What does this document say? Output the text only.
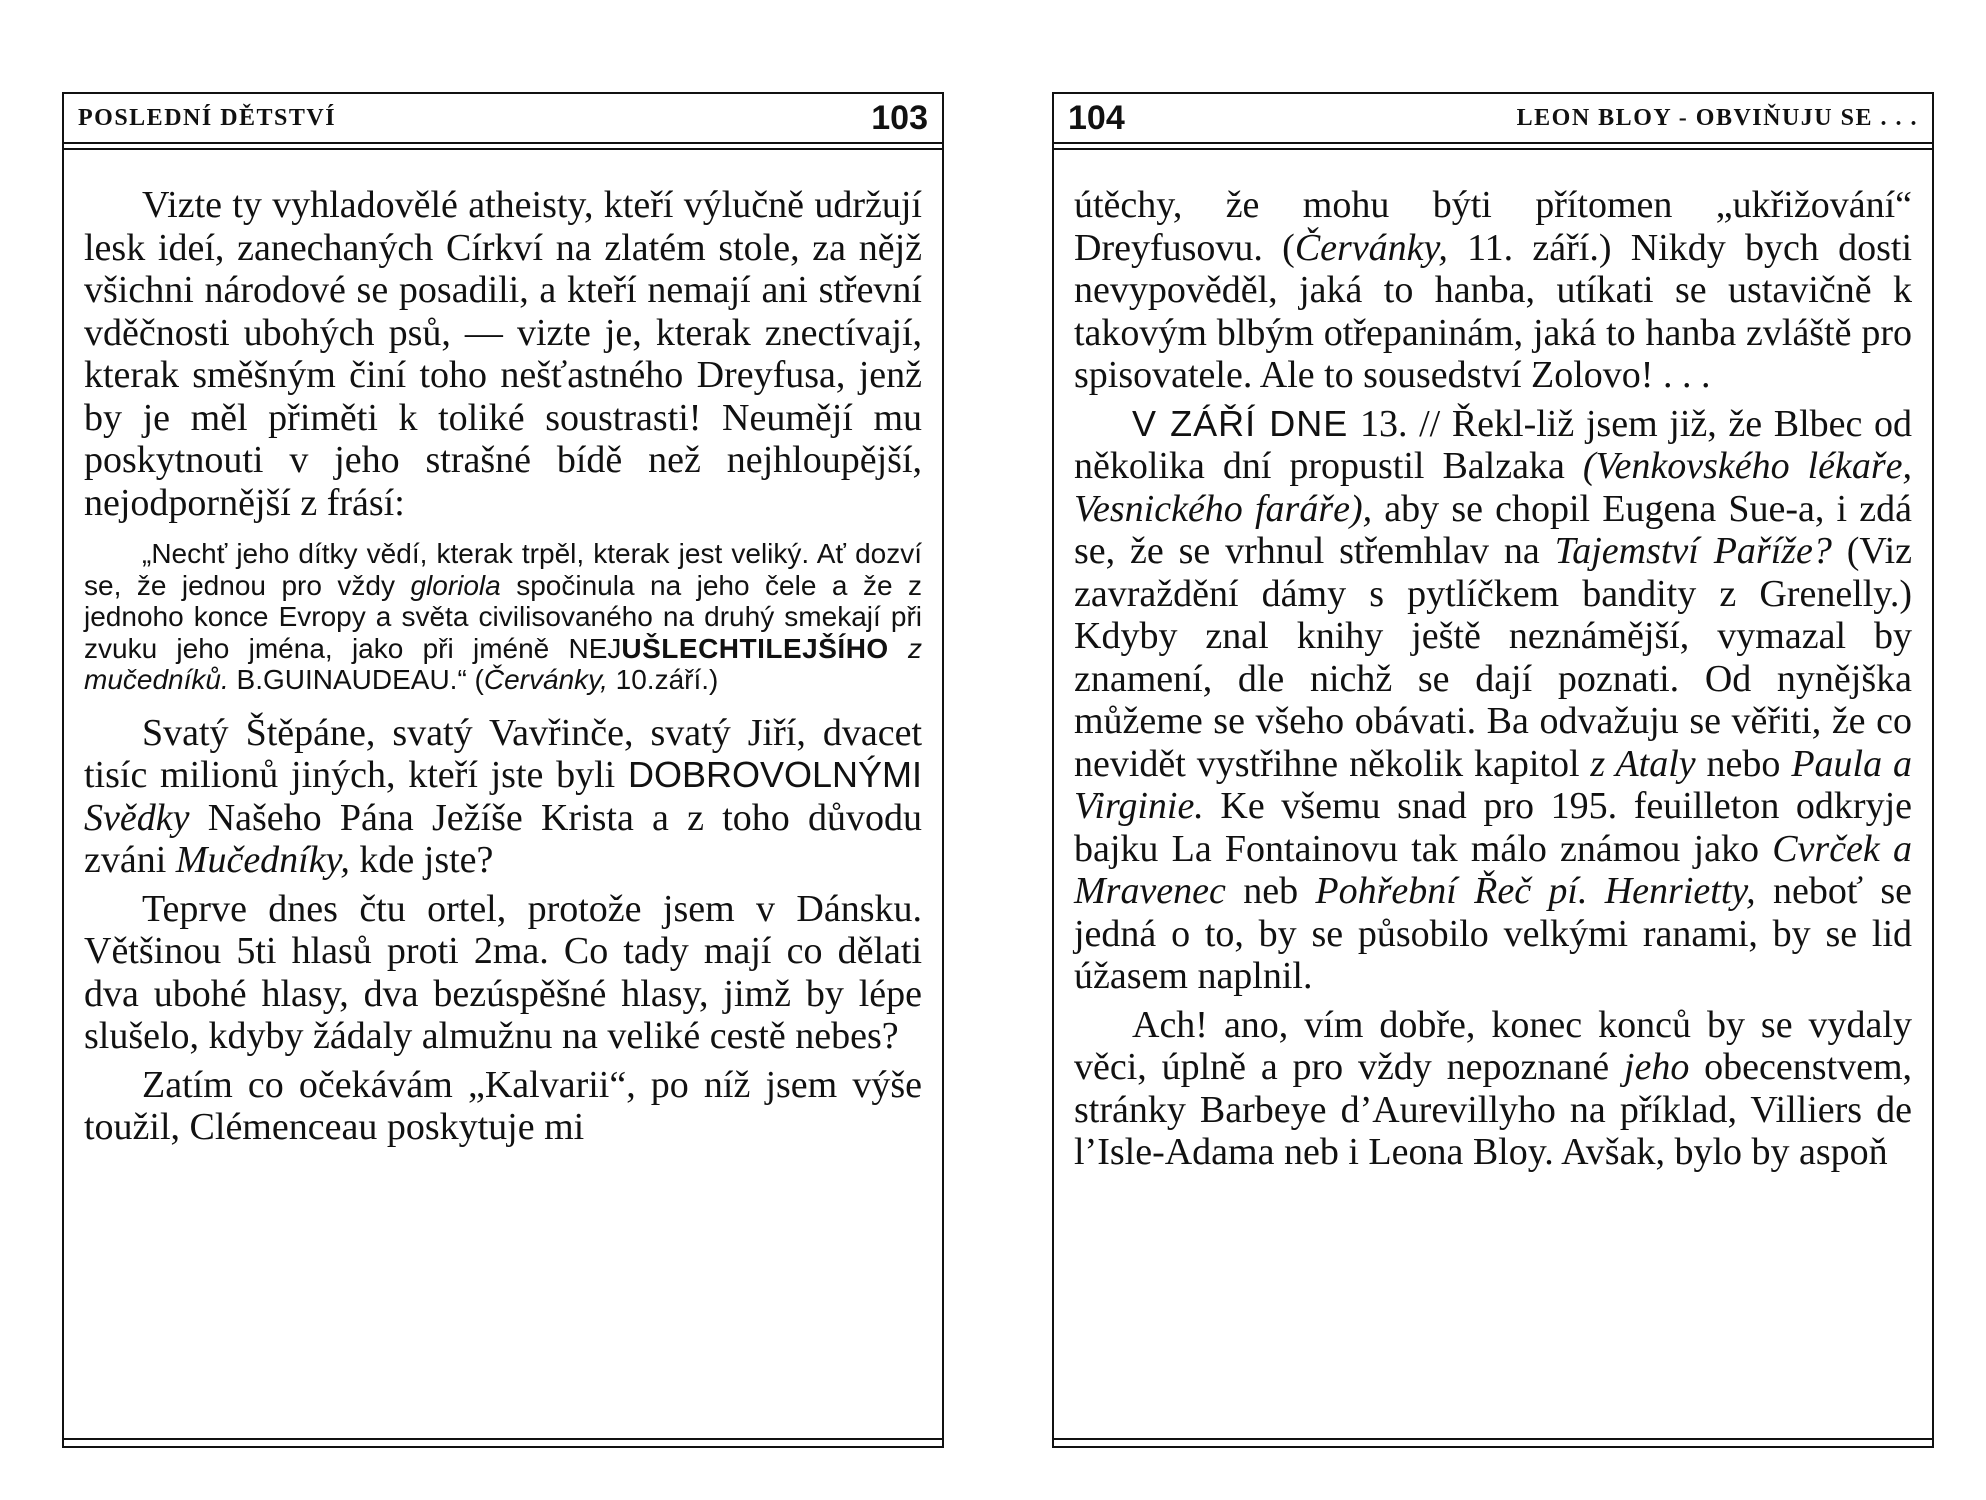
POSLEDNÍ DĚTSTVÍ	103

Vizte ty vyhladovělé atheisty, kteří výlučně udržují lesk ideí, zanechaných Církví na zlatém stole, za nějž všichni národové se posadili, a kteří nemají ani střevní vděčnosti ubohých psů, — vizte je, kterak znectívají, kterak směšným činí toho nešťastného Dreyfusa, jenž by je měl přiměti k toliké soustrasti! Neumějí mu poskytnouti v jeho strašné bídě než nejhloupější, nejodpornější z frásí:

„Nechť jeho dítky vědí, kterak trpěl, kterak jest veliký. Ať dozví se, že jednou pro vždy gloriola spočinula na jeho čele a že z jednoho konce Evropy a světa civilisovaného na druhý smekají při zvuku jeho jména, jako při jméně NEJUŠLECHTILEJŠÍHO z mučedníků. B.GUINAUDEAU.“ (Červánky, 10.září.)

Svatý Štěpáne, svatý Vavřinče, svatý Jiří, dvacet tisíc milionů jiných, kteří jste byli DOBROVOLNÝMI Svědky Našeho Pána Ježíše Krista a z toho důvodu zváni Mučedníky, kde jste?

Teprve dnes čtu ortel, protože jsem v Dánsku. Většinou 5ti hlasů proti 2ma. Co tady mají co dělati dva ubohé hlasy, dva bezúspěšné hlasy, jimž by lépe slušelo, kdyby žádaly almužnu na veliké cestě nebes?

Zatím co očekávám „Kalvarii“, po níž jsem výše toužil, Clémenceau poskytuje mi

104	LEON BLOY - OBVIŇUJU SE . . .

útěchy, že mohu býti přítomen „ukřižování“ Dreyfusovu. (Červánky, 11. září.) Nikdy bych dosti nevypověděl, jaká to hanba, utíkati se ustavičně k takovým blbým otřepaninám, jaká to hanba zvláště pro spisovatele. Ale to sousedství Zolovo! . . .

V ZÁŘÍ DNE 13. // Řekl-liž jsem již, že Blbec od několika dní propustil Balzaka (Venkovského lékaře, Vesnického faráře), aby se chopil Eugena Sue-a, i zdá se, že se vrhnul střemhlav na Tajemství Paříže? (Viz zavraždění dámy s pytlíčkem bandity z Grenelly.) Kdyby znal knihy ještě neznámější, vymazal by znamení, dle nichž se dají poznati. Od nynějška můžeme se všeho obávati. Ba odvažuju se věřiti, že co nevidět vystřihne několik kapitol z Ataly nebo Paula a Virginie. Ke všemu snad pro 195. feuilleton odkryje bajku La Fontainovu tak málo známou jako Cvrček a Mravenec neb Pohřební Řeč pí. Henrietty, neboť se jedná o to, by se působilo velkými ranami, by se lid úžasem naplnil.

Ach! ano, vím dobře, konec konců by se vydaly věci, úplně a pro vždy nepoznané jeho obecenstvem, stránky Barbeye d’Aurevillyho na příklad, Villiers de l’Isle-Adama neb i Leona Bloy. Avšak, bylo by aspoň
